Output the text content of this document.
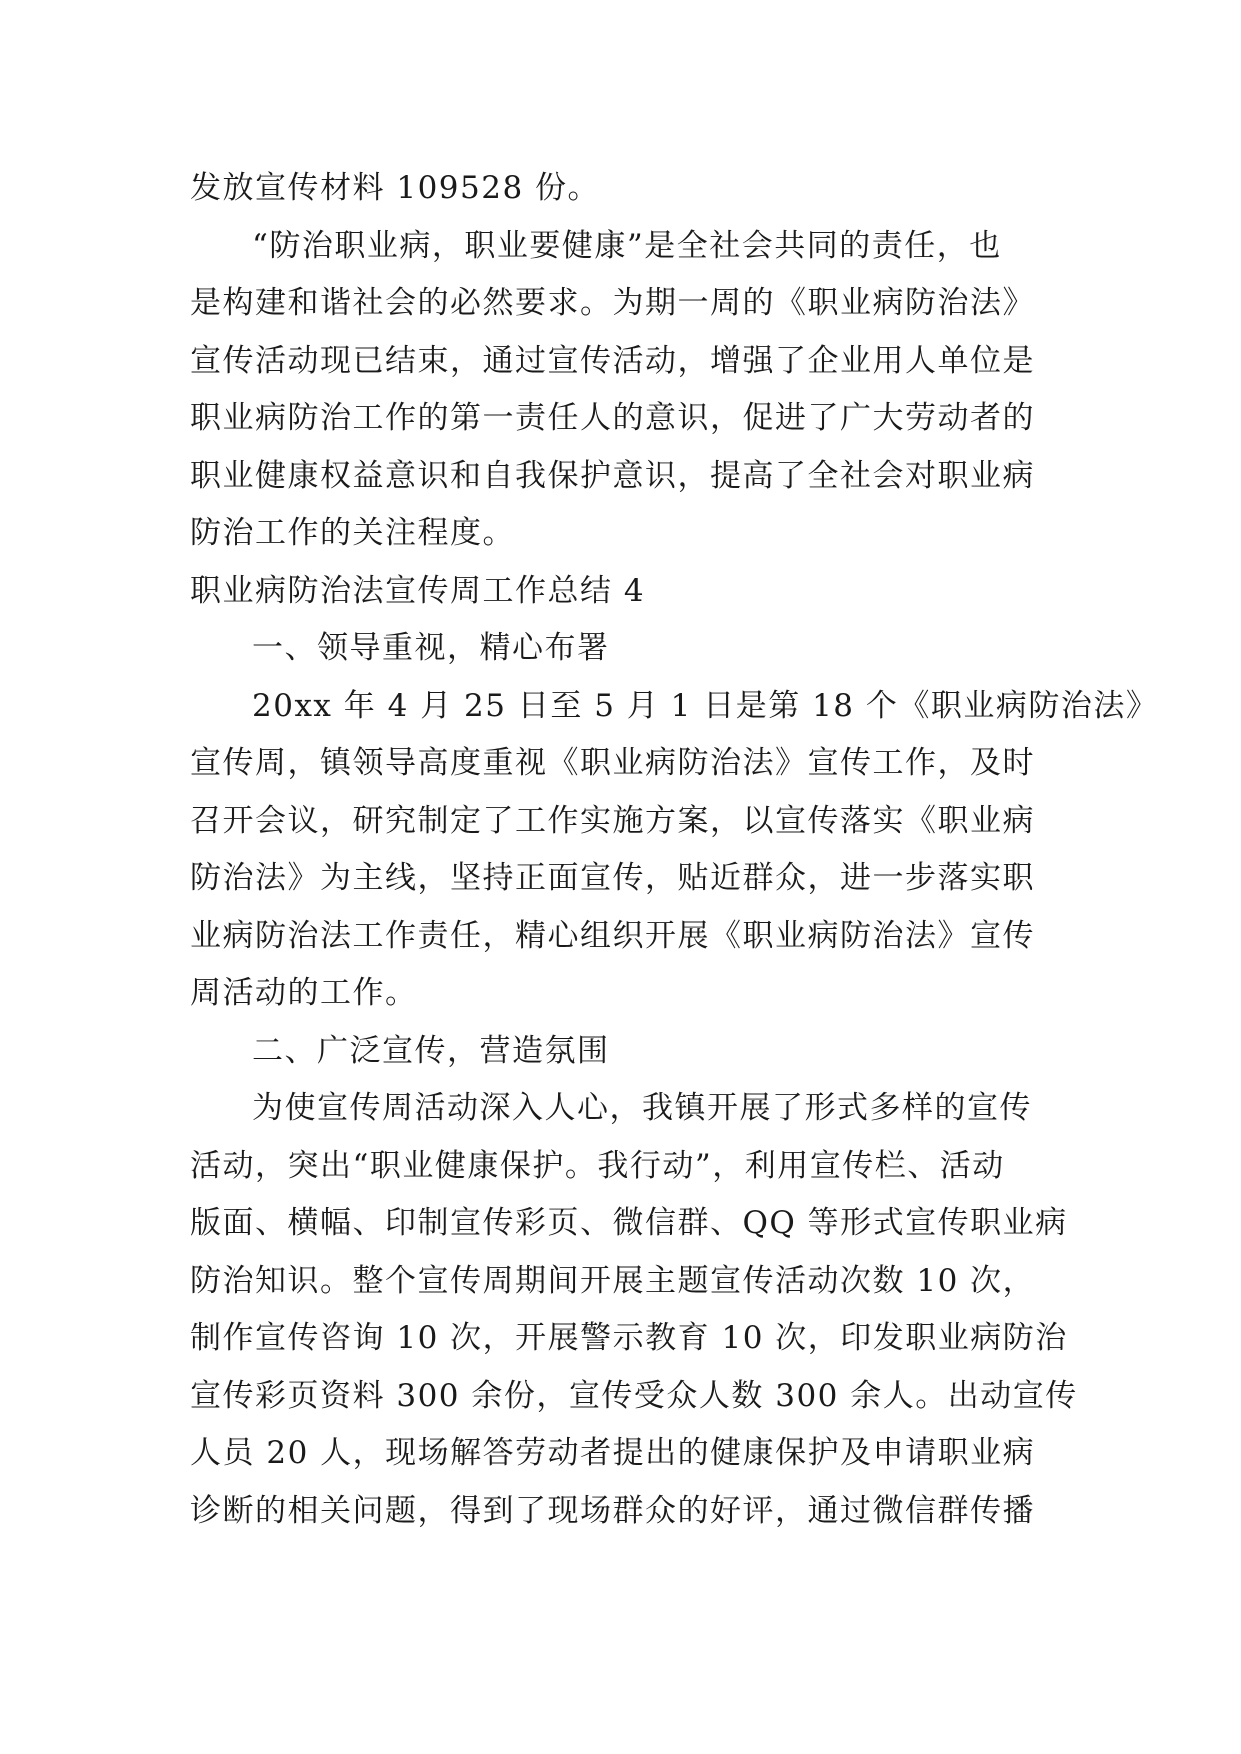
发放宣传材料 109528 份。
“防治职业病，职业要健康”是全社会共同的责任，也
是构建和谐社会的必然要求。为期一周的《职业病防治法》
宣传活动现已结束，通过宣传活动，增强了企业用人单位是
职业病防治工作的第一责任人的意识，促进了广大劳动者的
职业健康权益意识和自我保护意识，提高了全社会对职业病
防治工作的关注程度。
职业病防治法宣传周工作总结 4
一、领导重视，精心布署
20xx 年 4 月 25 日至 5 月 1 日是第 18 个《职业病防治法》
宣传周，镇领导高度重视《职业病防治法》宣传工作，及时
召开会议，研究制定了工作实施方案，以宣传落实《职业病
防治法》为主线，坚持正面宣传，贴近群众，进一步落实职
业病防治法工作责任，精心组织开展《职业病防治法》宣传
周活动的工作。
二、广泛宣传，营造氛围
为使宣传周活动深入人心，我镇开展了形式多样的宣传
活动，突出“职业健康保护。我行动”，利用宣传栏、活动
版面、横幅、印制宣传彩页、微信群、QQ 等形式宣传职业病
防治知识。整个宣传周期间开展主题宣传活动次数 10 次，
制作宣传咨询 10 次，开展警示教育 10 次，印发职业病防治
宣传彩页资料 300 余份，宣传受众人数 300 余人。出动宣传
人员 20 人，现场解答劳动者提出的健康保护及申请职业病
诊断的相关问题，得到了现场群众的好评，通过微信群传播
